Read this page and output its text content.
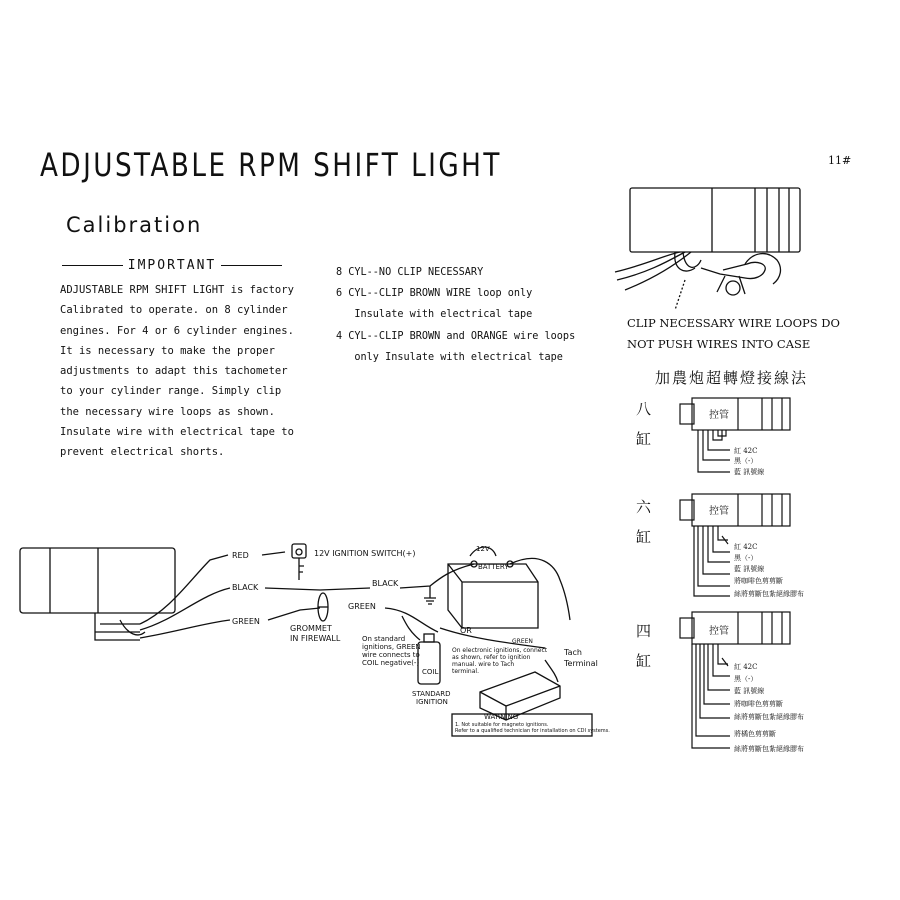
ADJUSTABLE RPM SHIFT LIGHT	11#
Calibration
IMPORTANT
ADJUSTABLE RPM SHIFT LIGHT is factory
Calibrated to operate. on 8 cylinder
engines. For 4 or 6 cylinder engines.
It is necessary to make the proper
adjustments to adapt this tachometer
to your cylinder range. Simply clip
the necessary wire loops as shown.
Insulate wire with electrical tape to
prevent electrical shorts.
8 CYL--NO CLIP NECESSARY
6 CYL--CLIP BROWN WIRE loop only
Insulate with electrical tape
4 CYL--CLIP BROWN and ORANGE wire loops
only Insulate with electrical tape
CLIP NECESSARY WIRE LOOPS DO
NOT PUSH WIRES INTO CASE
加農炮超轉燈接線法
八
缸
控管
紅 42C
黑（-）
藍 訊號線
六
缸
控管
紅 42C
黑（-）
藍 訊號線
將咖啡色剪剪斷
絲將剪斷包紮絕緣膠布
四
缸
控管
紅 42C
黑（-）
藍 訊號線
將咖啡色剪剪斷
絲將剪斷包紮絕緣膠布
將橘色剪剪斷
絲將剪斷包紮絕緣膠布
RED	12V IGNITION SWITCH(+)
BLACK	BLACK
12V
BATTERY
GREEN
GREEN
GROMMET
IN FIREWALL
OR
GREEN
Tach
Terminal
On standard
ignitions, GREEN
wire connects to
COIL negative(-)
COIL
STANDARD
IGNITION
On electronic ignitions, connect
as shown, refer to ignition
manual. wire to Tach
terminal.
WARNING
1. Not suitable for magneto ignitions.
Refer to a qualified technician for installation on CDI systems.
